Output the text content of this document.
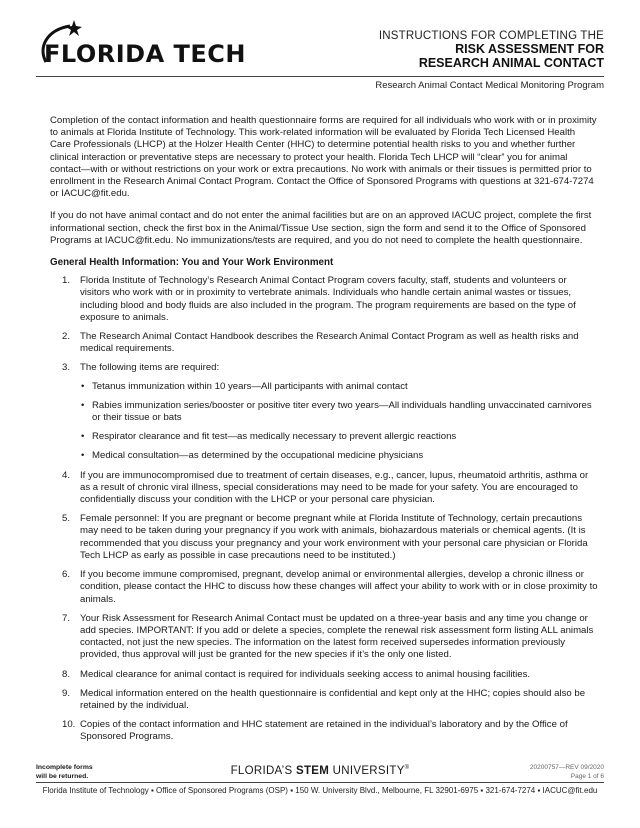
FLORIDA TECH
INSTRUCTIONS FOR COMPLETING THE
RISK ASSESSMENT FOR
RESEARCH ANIMAL CONTACT
Research Animal Contact Medical Monitoring Program

Completion of the contact information and health questionnaire forms are required for all individuals who work with or in proximity to animals at Florida Institute of Technology. This work-related information will be evaluated by Florida Tech Licensed Health Care Professionals (LHCP) at the Holzer Health Center (HHC) to determine potential health risks to you and whether further clinical interaction or preventative steps are necessary to protect your health. Florida Tech LHCP will “clear” you for animal contact—with or without restrictions on your work or extra precautions. No work with animals or their tissues is permitted prior to enrollment in the Research Animal Contact Program. Contact the Office of Sponsored Programs with questions at 321-674-7274 or IACUC@fit.edu.

If you do not have animal contact and do not enter the animal facilities but are on an approved IACUC project, complete the first informational section, check the first box in the Animal/Tissue Use section, sign the form and send it to the Office of Sponsored Programs at IACUC@fit.edu. No immunizations/tests are required, and you do not need to complete the health questionnaire.

General Health Information: You and Your Work Environment
1. Florida Institute of Technology’s Research Animal Contact Program covers faculty, staff, students and volunteers or visitors who work with or in proximity to vertebrate animals. Individuals who handle certain animal wastes or tissues, including blood and body fluids are also included in the program. The program requirements are based on the type of exposure to animals.
2. The Research Animal Contact Handbook describes the Research Animal Contact Program as well as health risks and medical requirements.
3. The following items are required:
• Tetanus immunization within 10 years—All participants with animal contact
• Rabies immunization series/booster or positive titer every two years—All individuals handling unvaccinated carnivores or their tissue or bats
• Respirator clearance and fit test—as medically necessary to prevent allergic reactions
• Medical consultation—as determined by the occupational medicine physicians
4. If you are immunocompromised due to treatment of certain diseases, e.g., cancer, lupus, rheumatoid arthritis, asthma or as a result of chronic viral illness, special considerations may need to be made for your safety. You are encouraged to confidentially discuss your condition with the LHCP or your personal care physician.
5. Female personnel: If you are pregnant or become pregnant while at Florida Institute of Technology, certain precautions may need to be taken during your pregnancy if you work with animals, biohazardous materials or chemical agents. (It is recommended that you discuss your pregnancy and your work environment with your personal care physician or Florida Tech LHCP as early as possible in case precautions need to be instituted.)
6. If you become immune compromised, pregnant, develop animal or environmental allergies, develop a chronic illness or condition, please contact the HHC to discuss how these changes will affect your ability to work with or in close proximity to animals.
7. Your Risk Assessment for Research Animal Contact must be updated on a three-year basis and any time you change or add species. IMPORTANT: If you add or delete a species, complete the renewal risk assessment form listing ALL animals contacted, not just the new species. The information on the latest form received supersedes information previously provided, thus approval will just be granted for the new species if it’s the only one listed.
8. Medical clearance for animal contact is required for individuals seeking access to animal housing facilities.
9. Medical information entered on the health questionnaire is confidential and kept only at the HHC; copies should also be retained by the individual.
10. Copies of the contact information and HHC statement are retained in the individual’s laboratory and by the Office of Sponsored Programs.
Incomplete forms
will be returned.	FLORIDA’S STEM UNIVERSITY®	20200757—REV 09/2020
Page 1 of 6
Florida Institute of Technology ▪ Office of Sponsored Programs (OSP) ▪ 150 W. University Blvd., Melbourne, FL 32901-6975 ▪ 321-674-7274 ▪ IACUC@fit.edu
